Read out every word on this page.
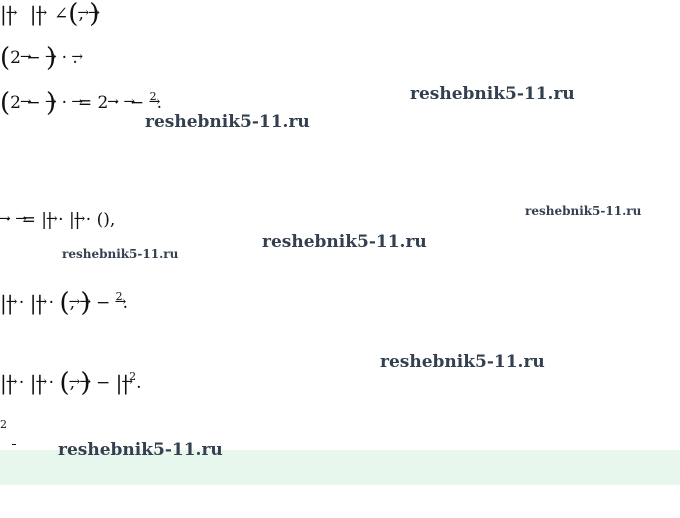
|| ||  ∠(, )
(2 − ) · .
(2 − ) ·  = 2 ·  − $^2$.
·  = || · || · (),
|| · || · (, ) − $^2$.
|| · || · (, ) − $||^2$.
$^2$
reshebnik5-11.ru
reshebnik5-11.ru
reshebnik5-11.ru
reshebnik5-11.ru
reshebnik5-11.ru
reshebnik5-11.ru
reshebnik5-11.ru
